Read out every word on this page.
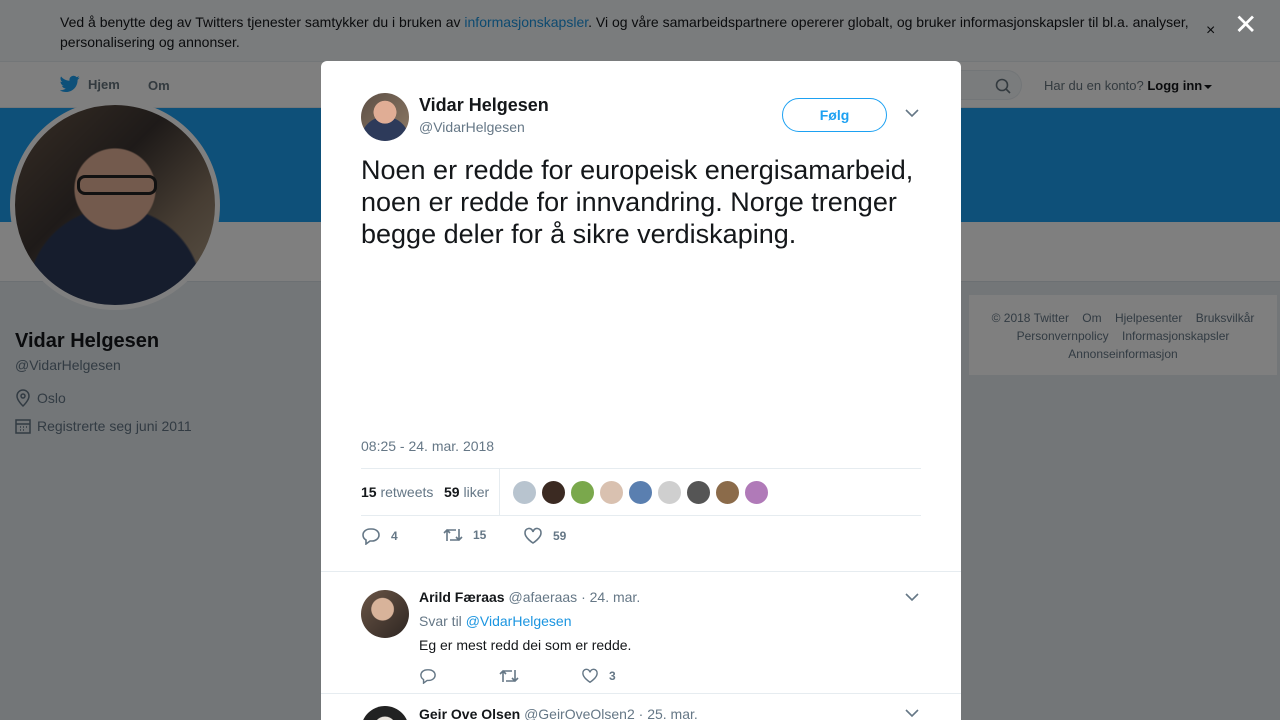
✕
Vidar Helgesen
@VidarHelgesen
Følg
Noen er redde for europeisk energisamarbeid, noen er redde for innvandring. Norge trenger begge deler for å sikre verdiskaping.
08:25 - 24. mar. 2018
15 retweets 59 liker
4	15	59
Arild Færaas @afaeraas · 24. mar.
Svar til @VidarHelgesen
Eg er mest redd dei som er redde.
3
Geir Ove Olsen @GeirOveOlsen2 · 25. mar.
